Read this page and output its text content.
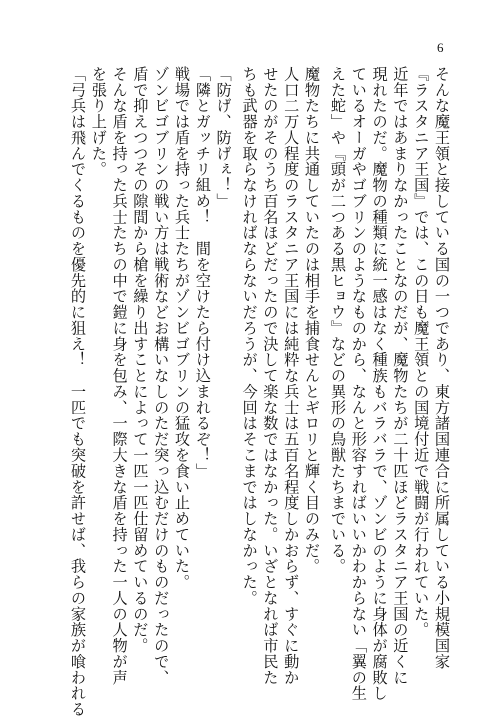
6
そんな魔王領と接している国の一つであり、東方諸国連合に所属している小規模国家
『ラスタニア王国』では、この日も魔王領との国境付近で戦闘が行われていた。
近年ではあまりなかったことなのだが、魔物たちが二十匹ほどラスタニア王国の近くに
現れたのだ。魔物の種類に統一感はなく種族もバラバラで、ゾンビのように身体が腐敗し
ているオーガやゴブリンのようなものから、なんと形容すればいいかわからない「翼の生
えた蛇」や『頭が二つある黒ヒョウ』などの異形の鳥獣たちまでいる。
魔物たちに共通していたのは相手を捕食せんとギロリと輝く目のみだ。
人口二万人程度のラスタニア王国には純粋な兵士は五百名程度しかおらず、すぐに動か
せたのがそのうち百名ほどだったので決して楽な数ではなかった。いざとなれば市民た
ちも武器を取らなければならないだろうが、今回はそこまではしなかった。
「防げ、防げぇ！」
「隣とガッチリ組め！　間を空けたら付け込まれるぞ！」
戦場では盾を持った兵士たちがゾンビゴブリンの猛攻を食い止めていた。
ゾンビゴブリンの戦い方は戦術などお構いなしのただ突っ込むだけのものだったので、
盾で抑えつつその隙間から槍を繰り出すことによって一匹一匹仕留めているのだ。
そんな盾を持った兵士たちの中で鎧に身を包み、一際大きな盾を持った一人の人物が声
を張り上げた。
「弓兵は飛んでくるものを優先的に狙え！　一匹でも突破を許せば、我らの家族が喰われる
